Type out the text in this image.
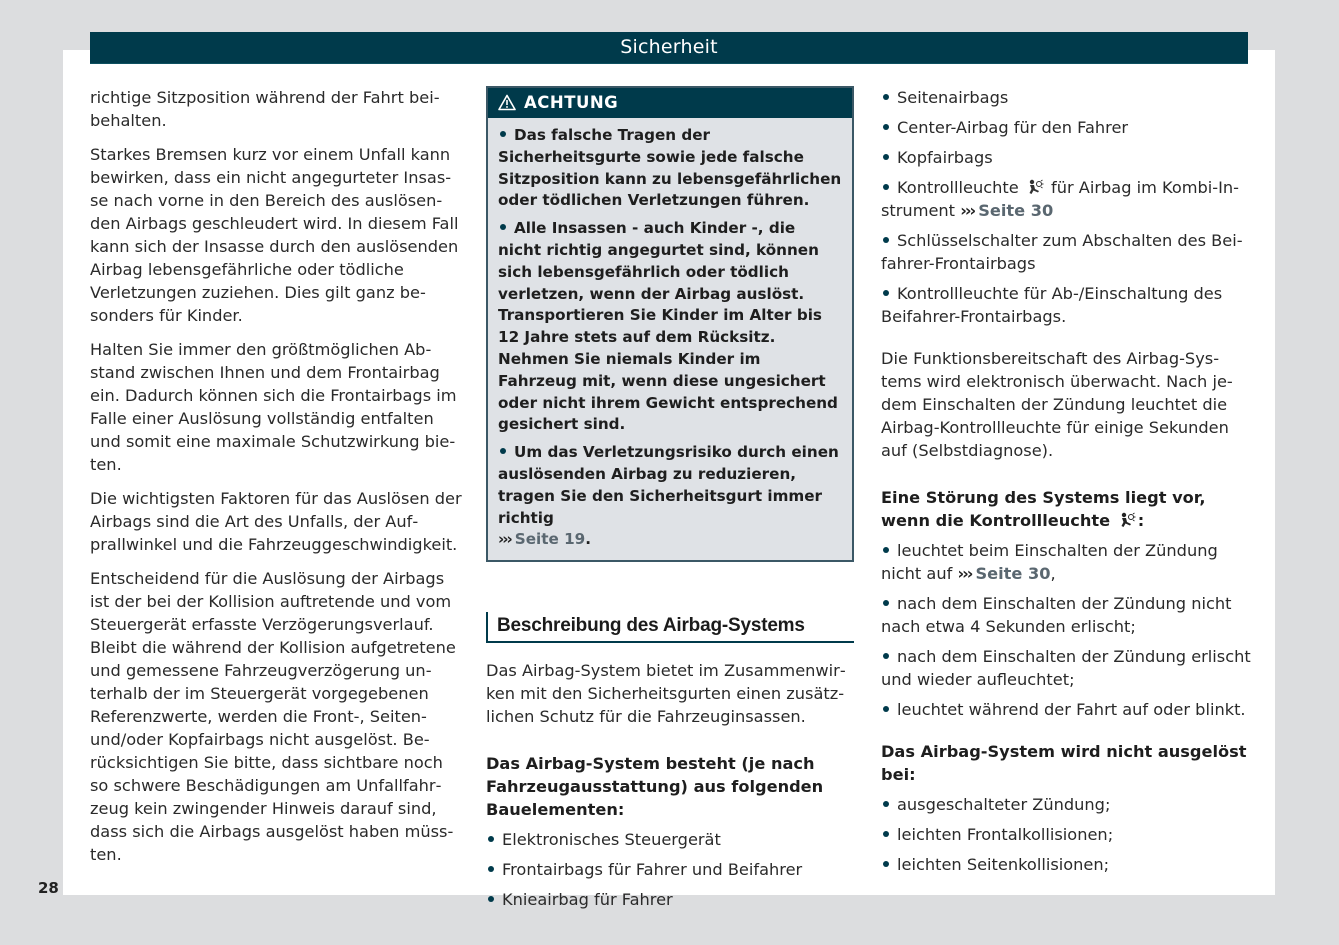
Sicherheit

richtige Sitzposition während der Fahrt beibehalten.

Starkes Bremsen kurz vor einem Unfall kann bewirken, dass ein nicht angegurteter Insasse nach vorne in den Bereich des auslösenden Airbags geschleudert wird. In diesem Fall kann sich der Insasse durch den auslösenden Airbag lebensgefährliche oder tödliche Verletzungen zuziehen. Dies gilt ganz besonders für Kinder.

Halten Sie immer den größtmöglichen Abstand zwischen Ihnen und dem Frontairbag ein. Dadurch können sich die Frontairbags im Falle einer Auslösung vollständig entfalten und somit eine maximale Schutzwirkung bieten.

Die wichtigsten Faktoren für das Auslösen der Airbags sind die Art des Unfalls, der Aufprallwinkel und die Fahrzeuggeschwindigkeit.

Entscheidend für die Auslösung der Airbags ist der bei der Kollision auftretende und vom Steuergerät erfasste Verzögerungsverlauf. Bleibt die während der Kollision aufgetretene und gemessene Fahrzeugverzögerung unterhalb der im Steuergerät vorgegebenen Referenzwerte, werden die Front-, Seiten- und/oder Kopfairbags nicht ausgelöst. Berücksichtigen Sie bitte, dass sichtbare noch so schwere Beschädigungen am Unfallfahrzeug kein zwingender Hinweis darauf sind, dass sich die Airbags ausgelöst haben müssten.

ACHTUNG

Das falsche Tragen der Sicherheitsgurte sowie jede falsche Sitzposition kann zu lebensgefährlichen oder tödlichen Verletzungen führen.

Alle Insassen - auch Kinder -, die nicht richtig angegurtet sind, können sich lebensgefährlich oder tödlich verletzen, wenn der Airbag auslöst. Transportieren Sie Kinder im Alter bis 12 Jahre stets auf dem Rücksitz. Nehmen Sie niemals Kinder im Fahrzeug mit, wenn diese ungesichert oder nicht ihrem Gewicht entsprechend gesichert sind.

Um das Verletzungsrisiko durch einen auslösenden Airbag zu reduzieren, tragen Sie den Sicherheitsgurt immer richtig
››› Seite 19.

Beschreibung des Airbag-Systems

Das Airbag-System bietet im Zusammenwirken mit den Sicherheitsgurten einen zusätzlichen Schutz für die Fahrzeuginsassen.

Das Airbag-System besteht (je nach Fahrzeugausstattung) aus folgenden Bauelementen:

Elektronisches Steuergerät
Frontairbags für Fahrer und Beifahrer
Knieairbag für Fahrer
Seitenairbags
Center-Airbag für den Fahrer
Kopfairbags
Kontrollleuchte für Airbag im Kombi-Instrument ››› Seite 30
Schlüsselschalter zum Abschalten des Beifahrer-Frontairbags
Kontrollleuchte für Ab-/Einschaltung des Beifahrer-Frontairbags.

Die Funktionsbereitschaft des Airbag-Systems wird elektronisch überwacht. Nach jedem Einschalten der Zündung leuchtet die Airbag-Kontrollleuchte für einige Sekunden auf (Selbstdiagnose).

Eine Störung des Systems liegt vor, wenn die Kontrollleuchte :

leuchtet beim Einschalten der Zündung nicht auf ››› Seite 30,
nach dem Einschalten der Zündung nicht nach etwa 4 Sekunden erlischt;
nach dem Einschalten der Zündung erlischt und wieder aufleuchtet;
leuchtet während der Fahrt auf oder blinkt.

Das Airbag-System wird nicht ausgelöst bei:

ausgeschalteter Zündung;
leichten Frontalkollisionen;
leichten Seitenkollisionen;
28
